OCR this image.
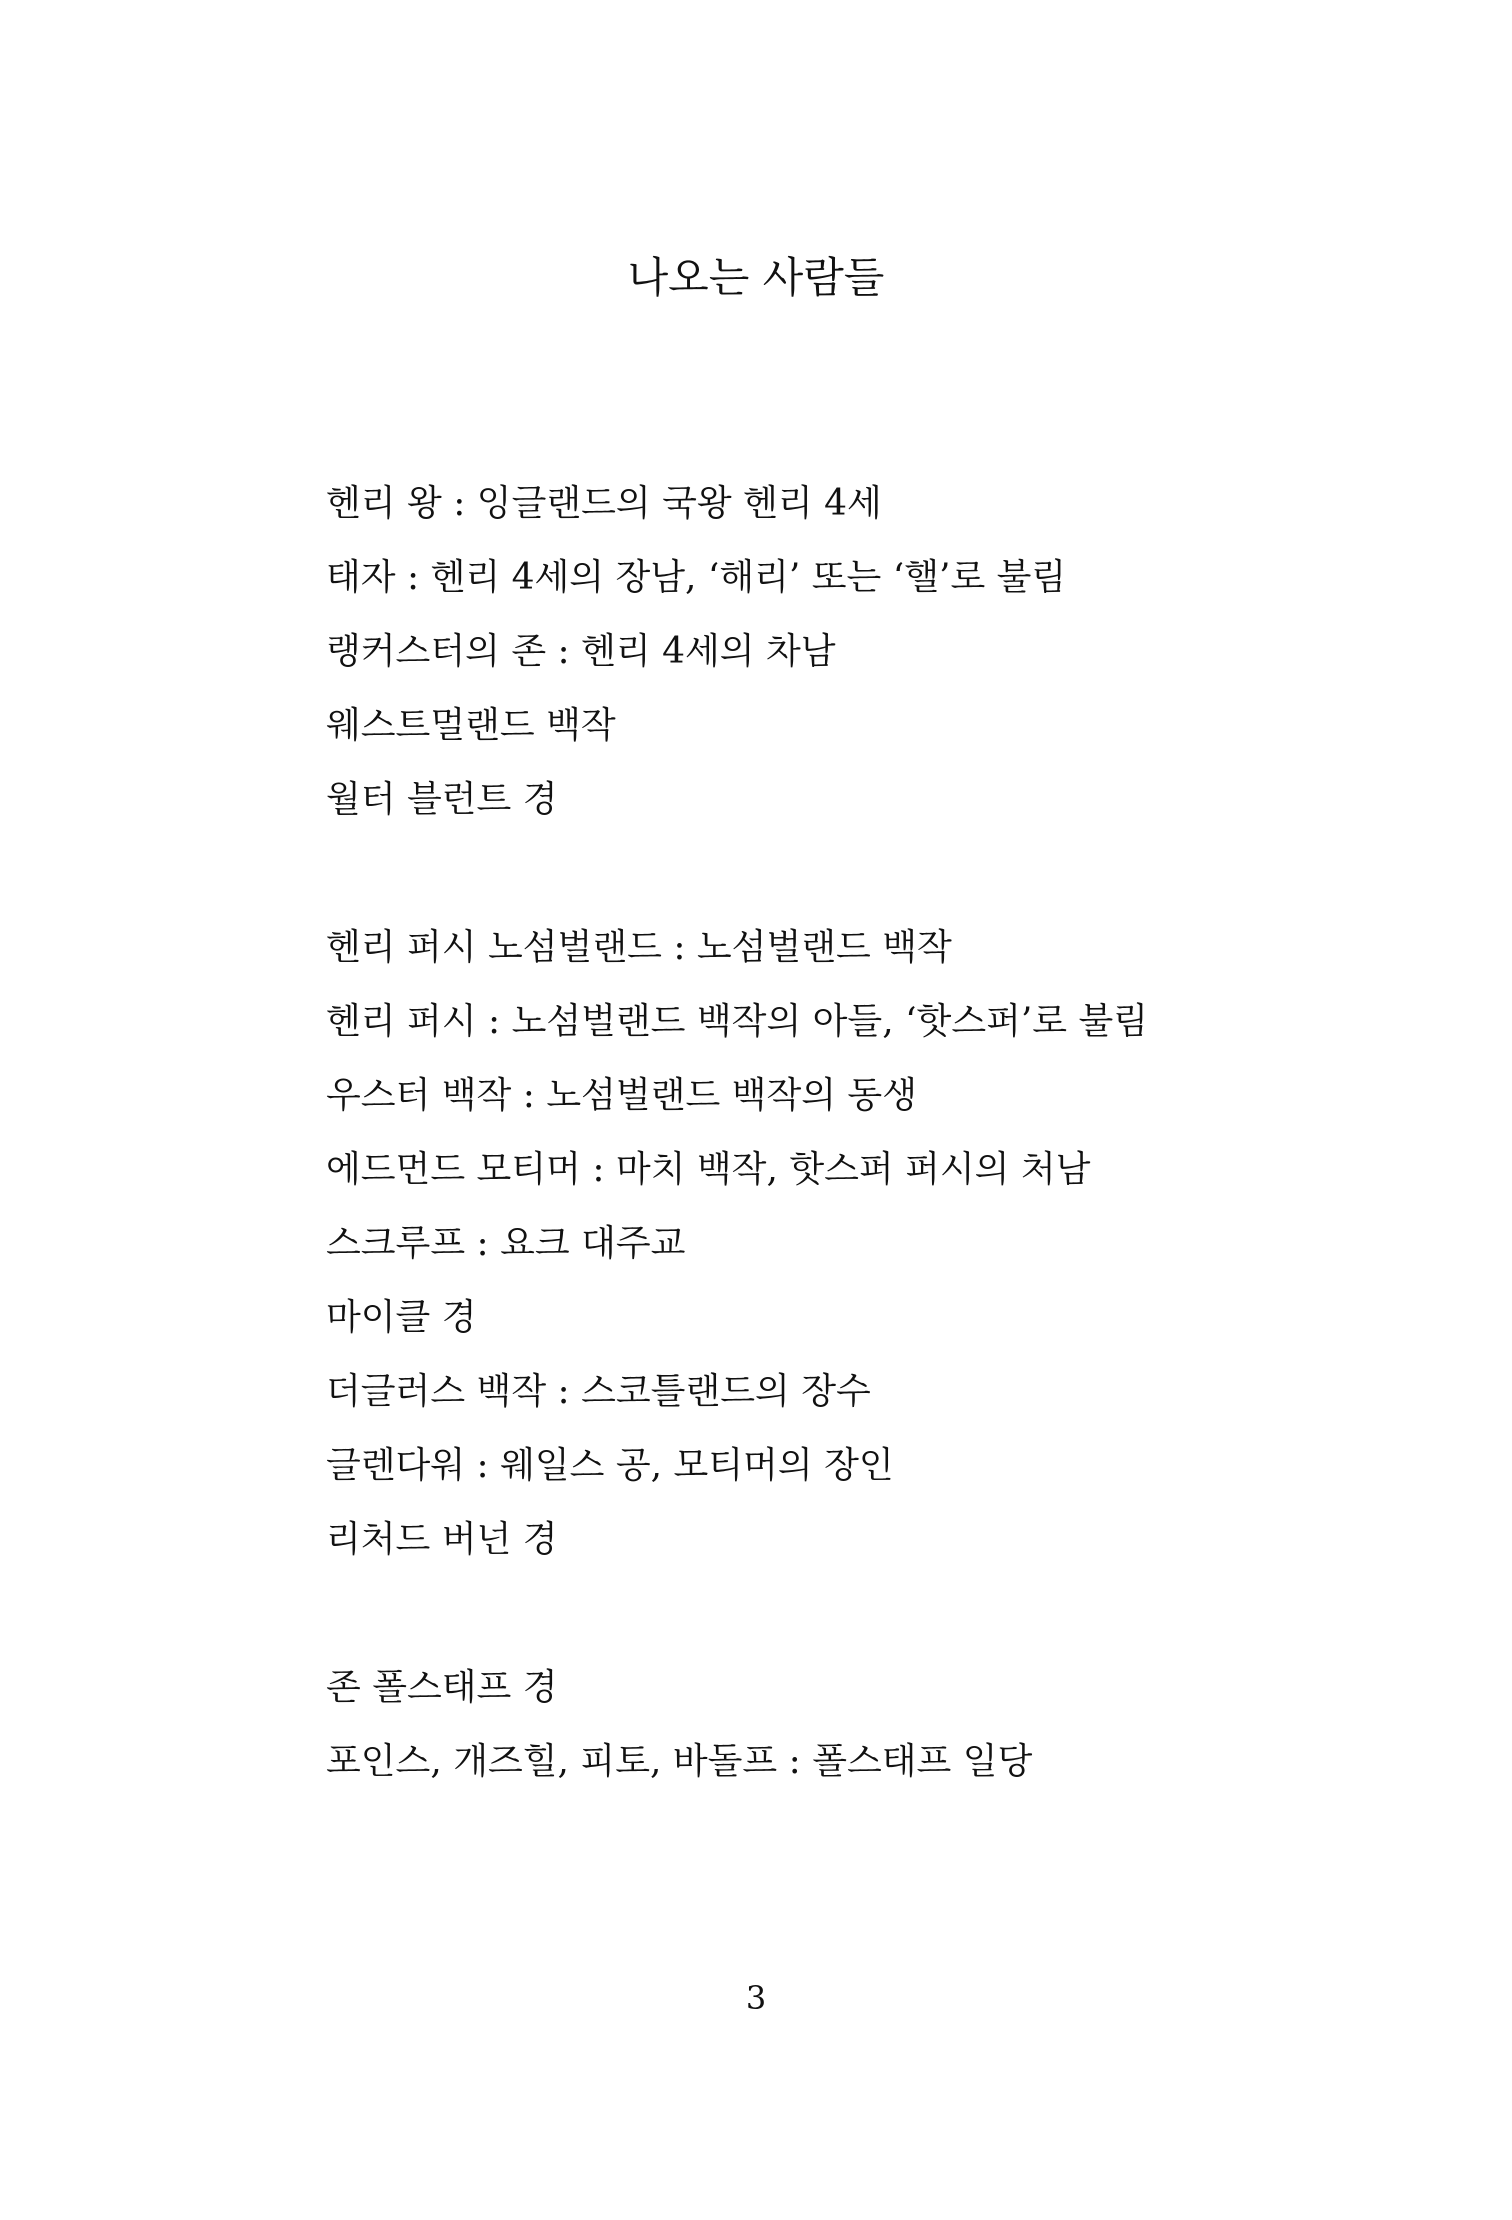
나오는 사람들
헨리 왕 : 잉글랜드의 국왕 헨리 4세
태자 : 헨리 4세의 장남, ‘해리’ 또는 ‘핼’로 불림
랭커스터의 존 : 헨리 4세의 차남
웨스트멀랜드 백작
월터 블런트 경
헨리 퍼시 노섬벌랜드 : 노섬벌랜드 백작
헨리 퍼시 : 노섬벌랜드 백작의 아들, ‘핫스퍼’로 불림
우스터 백작 : 노섬벌랜드 백작의 동생
에드먼드 모티머 : 마치 백작, 핫스퍼 퍼시의 처남
스크루프 : 요크 대주교
마이클 경
더글러스 백작 : 스코틀랜드의 장수
글렌다워 : 웨일스 공, 모티머의 장인
리처드 버넌 경
존 폴스태프 경
포인스, 개즈힐, 피토, 바돌프 : 폴스태프 일당
3
